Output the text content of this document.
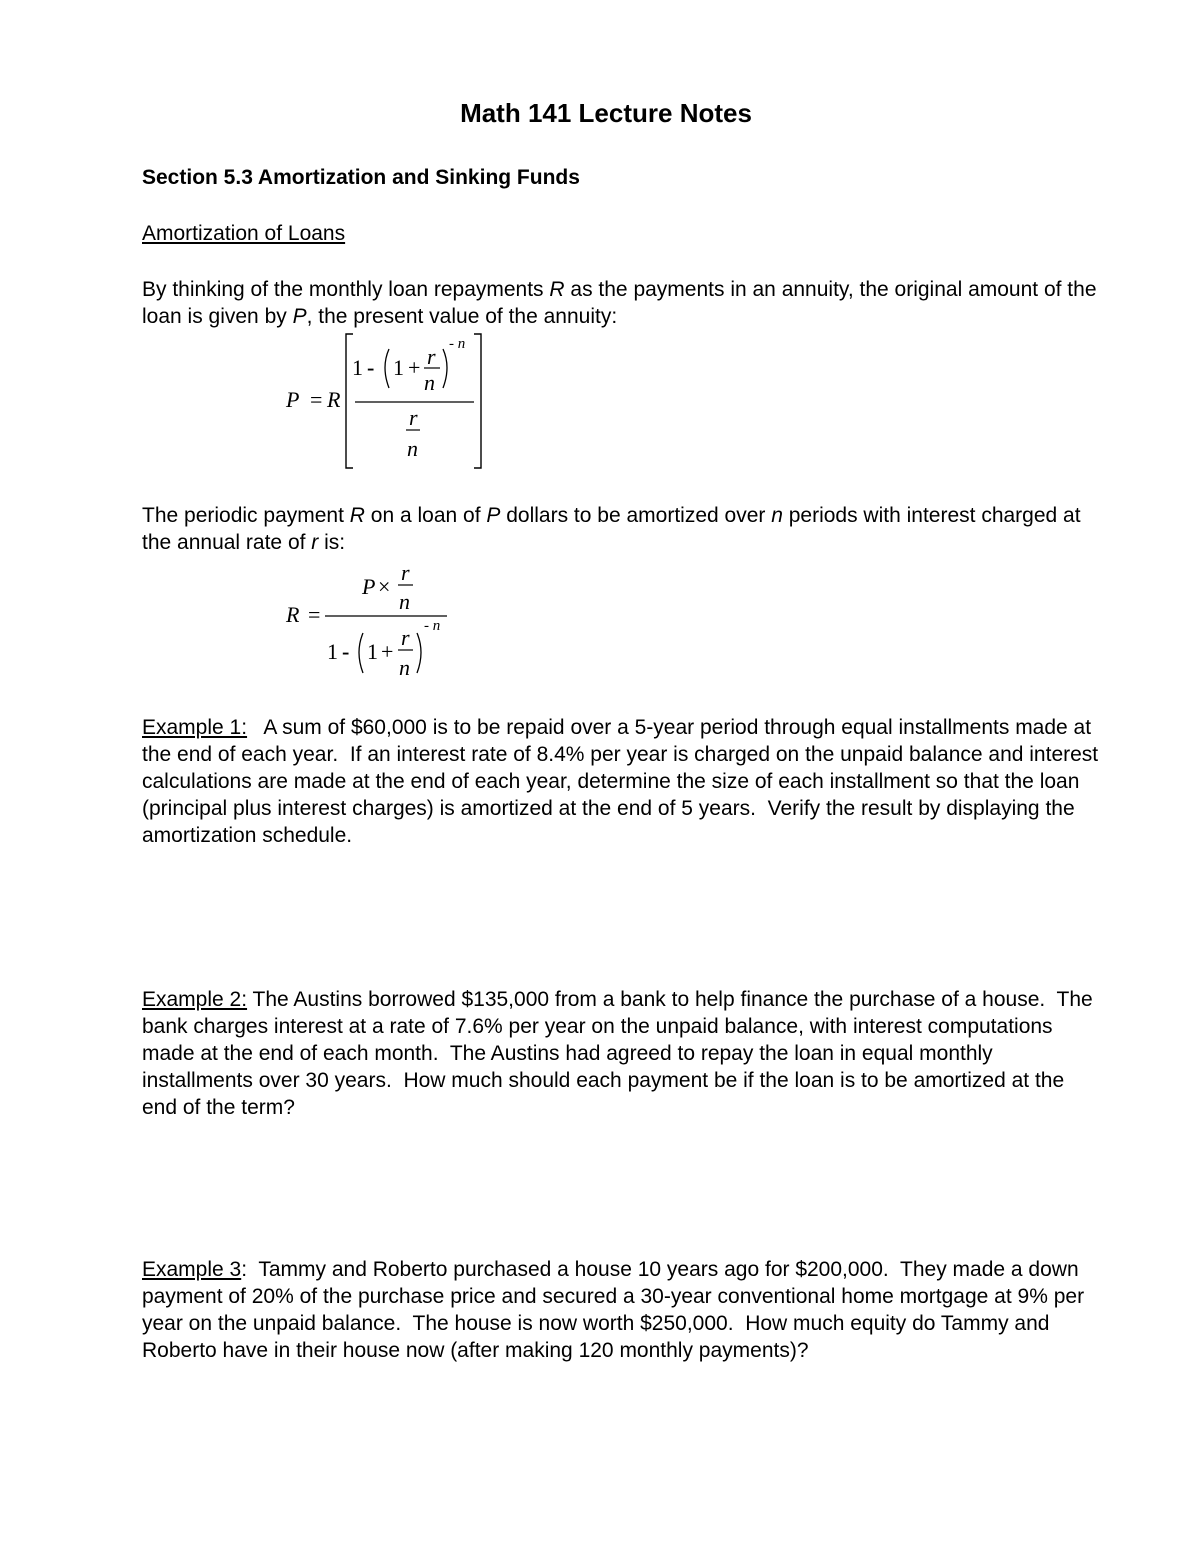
Math 141 Lecture Notes
Section 5.3 Amortization and Sinking Funds
Amortization of Loans
By thinking of the monthly loan repayments R as the payments in an annuity, the original amount of the loan is given by P, the present value of the annuity:
P = R
1 - 1 + r
n
- n
r
n
The periodic payment R on a loan of P dollars to be amortized over n periods with interest charged at the annual rate of r is:
R =
P ×
r
n
1 - 1 +
r
n
- n
Example 1:   A sum of $60,000 is to be repaid over a 5-year period through equal installments made at the end of each year.  If an interest rate of 8.4% per year is charged on the unpaid balance and interest calculations are made at the end of each year, determine the size of each installment so that the loan (principal plus interest charges) is amortized at the end of 5 years.  Verify the result by displaying the amortization schedule.
Example 2: The Austins borrowed $135,000 from a bank to help finance the purchase of a house.  The bank charges interest at a rate of 7.6% per year on the unpaid balance, with interest computations made at the end of each month.  The Austins had agreed to repay the loan in equal monthly installments over 30 years.  How much should each payment be if the loan is to be amortized at the end of the term?
Example 3:  Tammy and Roberto purchased a house 10 years ago for $200,000.  They made a down payment of 20% of the purchase price and secured a 30-year conventional home mortgage at 9% per year on the unpaid balance.  The house is now worth $250,000.  How much equity do Tammy and Roberto have in their house now (after making 120 monthly payments)?
